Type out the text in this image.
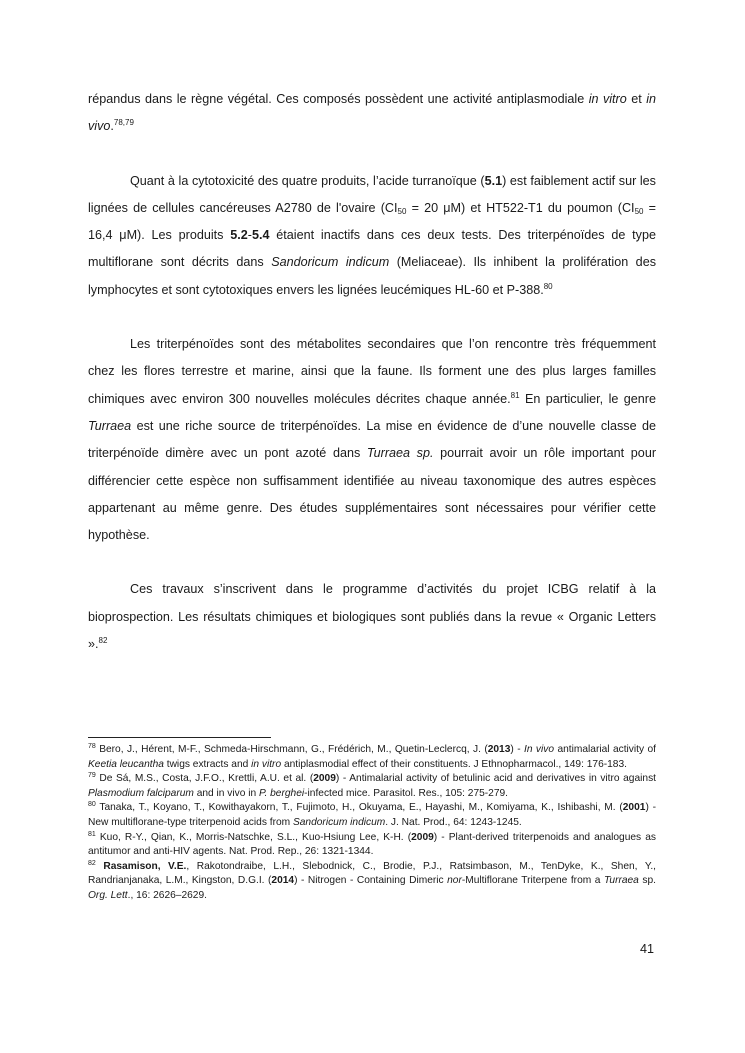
répandus dans le règne végétal. Ces composés possèdent une activité antiplasmodiale in vitro et in vivo.$^{78,79}$

Quant à la cytotoxicité des quatre produits, l’acide turranoïque (5.1) est faiblement actif sur les lignées de cellules cancéreuses A2780 de l'ovaire ($CI_{50} = 20$ μM) et HT522-T1 du poumon ($CI_{50} = 16,4$ μM). Les produits 5.2-5.4 étaient inactifs dans ces deux tests. Des triterpénoïdes de type multiflorane sont décrits dans Sandoricum indicum (Meliaceae). Ils inhibent la prolifération des lymphocytes et sont cytotoxiques envers les lignées leucémiques HL-60 et P-388.80

Les triterpénoïdes sont des métabolites secondaires que l’on rencontre très fréquemment chez les flores terrestre et marine, ainsi que la faune. Ils forment une des plus larges familles chimiques avec environ 300 nouvelles molécules décrites chaque année.$^{81}$ En particulier, le genre Turraea est une riche source de triterpénoïdes. La mise en évidence de d’une nouvelle classe de triterpénoïde dimère avec un pont azoté dans Turraea sp. pourrait avoir un rôle important pour différencier cette espèce non suffisamment identifiée au niveau taxonomique des autres espèces appartenant au même genre. Des études supplémentaires sont nécessaires pour vérifier cette hypothèse.

Ces travaux s’inscrivent dans le programme d’activités du projet ICBG relatif à la bioprospection. Les résultats chimiques et biologiques sont publiés dans la revue « Organic Letters ».$^{82}$

$^{78}$ Bero, J., Hérent, M-F., Schmeda-Hirschmann, G., Frédérich, M., Quetin-Leclercq, J. (2013) - In vivo antimalarial activity of Keetia leucantha twigs extracts and in vitro antiplasmodial effect of their constituents. J Ethnopharmacol., 149: 176-183.

$^{79}$ De Sá, M.S., Costa, J.F.O., Krettli, A.U. et al. (2009) - Antimalarial activity of betulinic acid and derivatives in vitro against Plasmodium falciparum and in vivo in P. berghei-infected mice. Parasitol. Res., 105: 275-279.

$^{80}$ Tanaka, T., Koyano, T., Kowithayakorn, T., Fujimoto, H., Okuyama, E., Hayashi, M., Komiyama, K., Ishibashi, M. (2001) - New multiflorane-type triterpenoid acids from Sandoricum indicum. J. Nat. Prod., 64: 1243-1245.

$^{81}$ Kuo, R-Y., Qian, K., Morris-Natschke, S.L., Kuo-Hsiung Lee, K-H. (2009) - Plant-derived triterpenoids and analogues as antitumor and anti-HIV agents. Nat. Prod. Rep., 26: 1321-1344.

$^{82}$ Rasamison, V.E., Rakotondraibe, L.H., Slebodnick, C., Brodie, P.J., Ratsimbason, M., TenDyke, K., Shen, Y., Randrianjanaka, L.M., Kingston, D.G.I. (2014) - Nitrogen - Containing Dimeric nor-Multiflorane Triterpene from a Turraea sp. Org. Lett., 16: 2626–2629.

41
